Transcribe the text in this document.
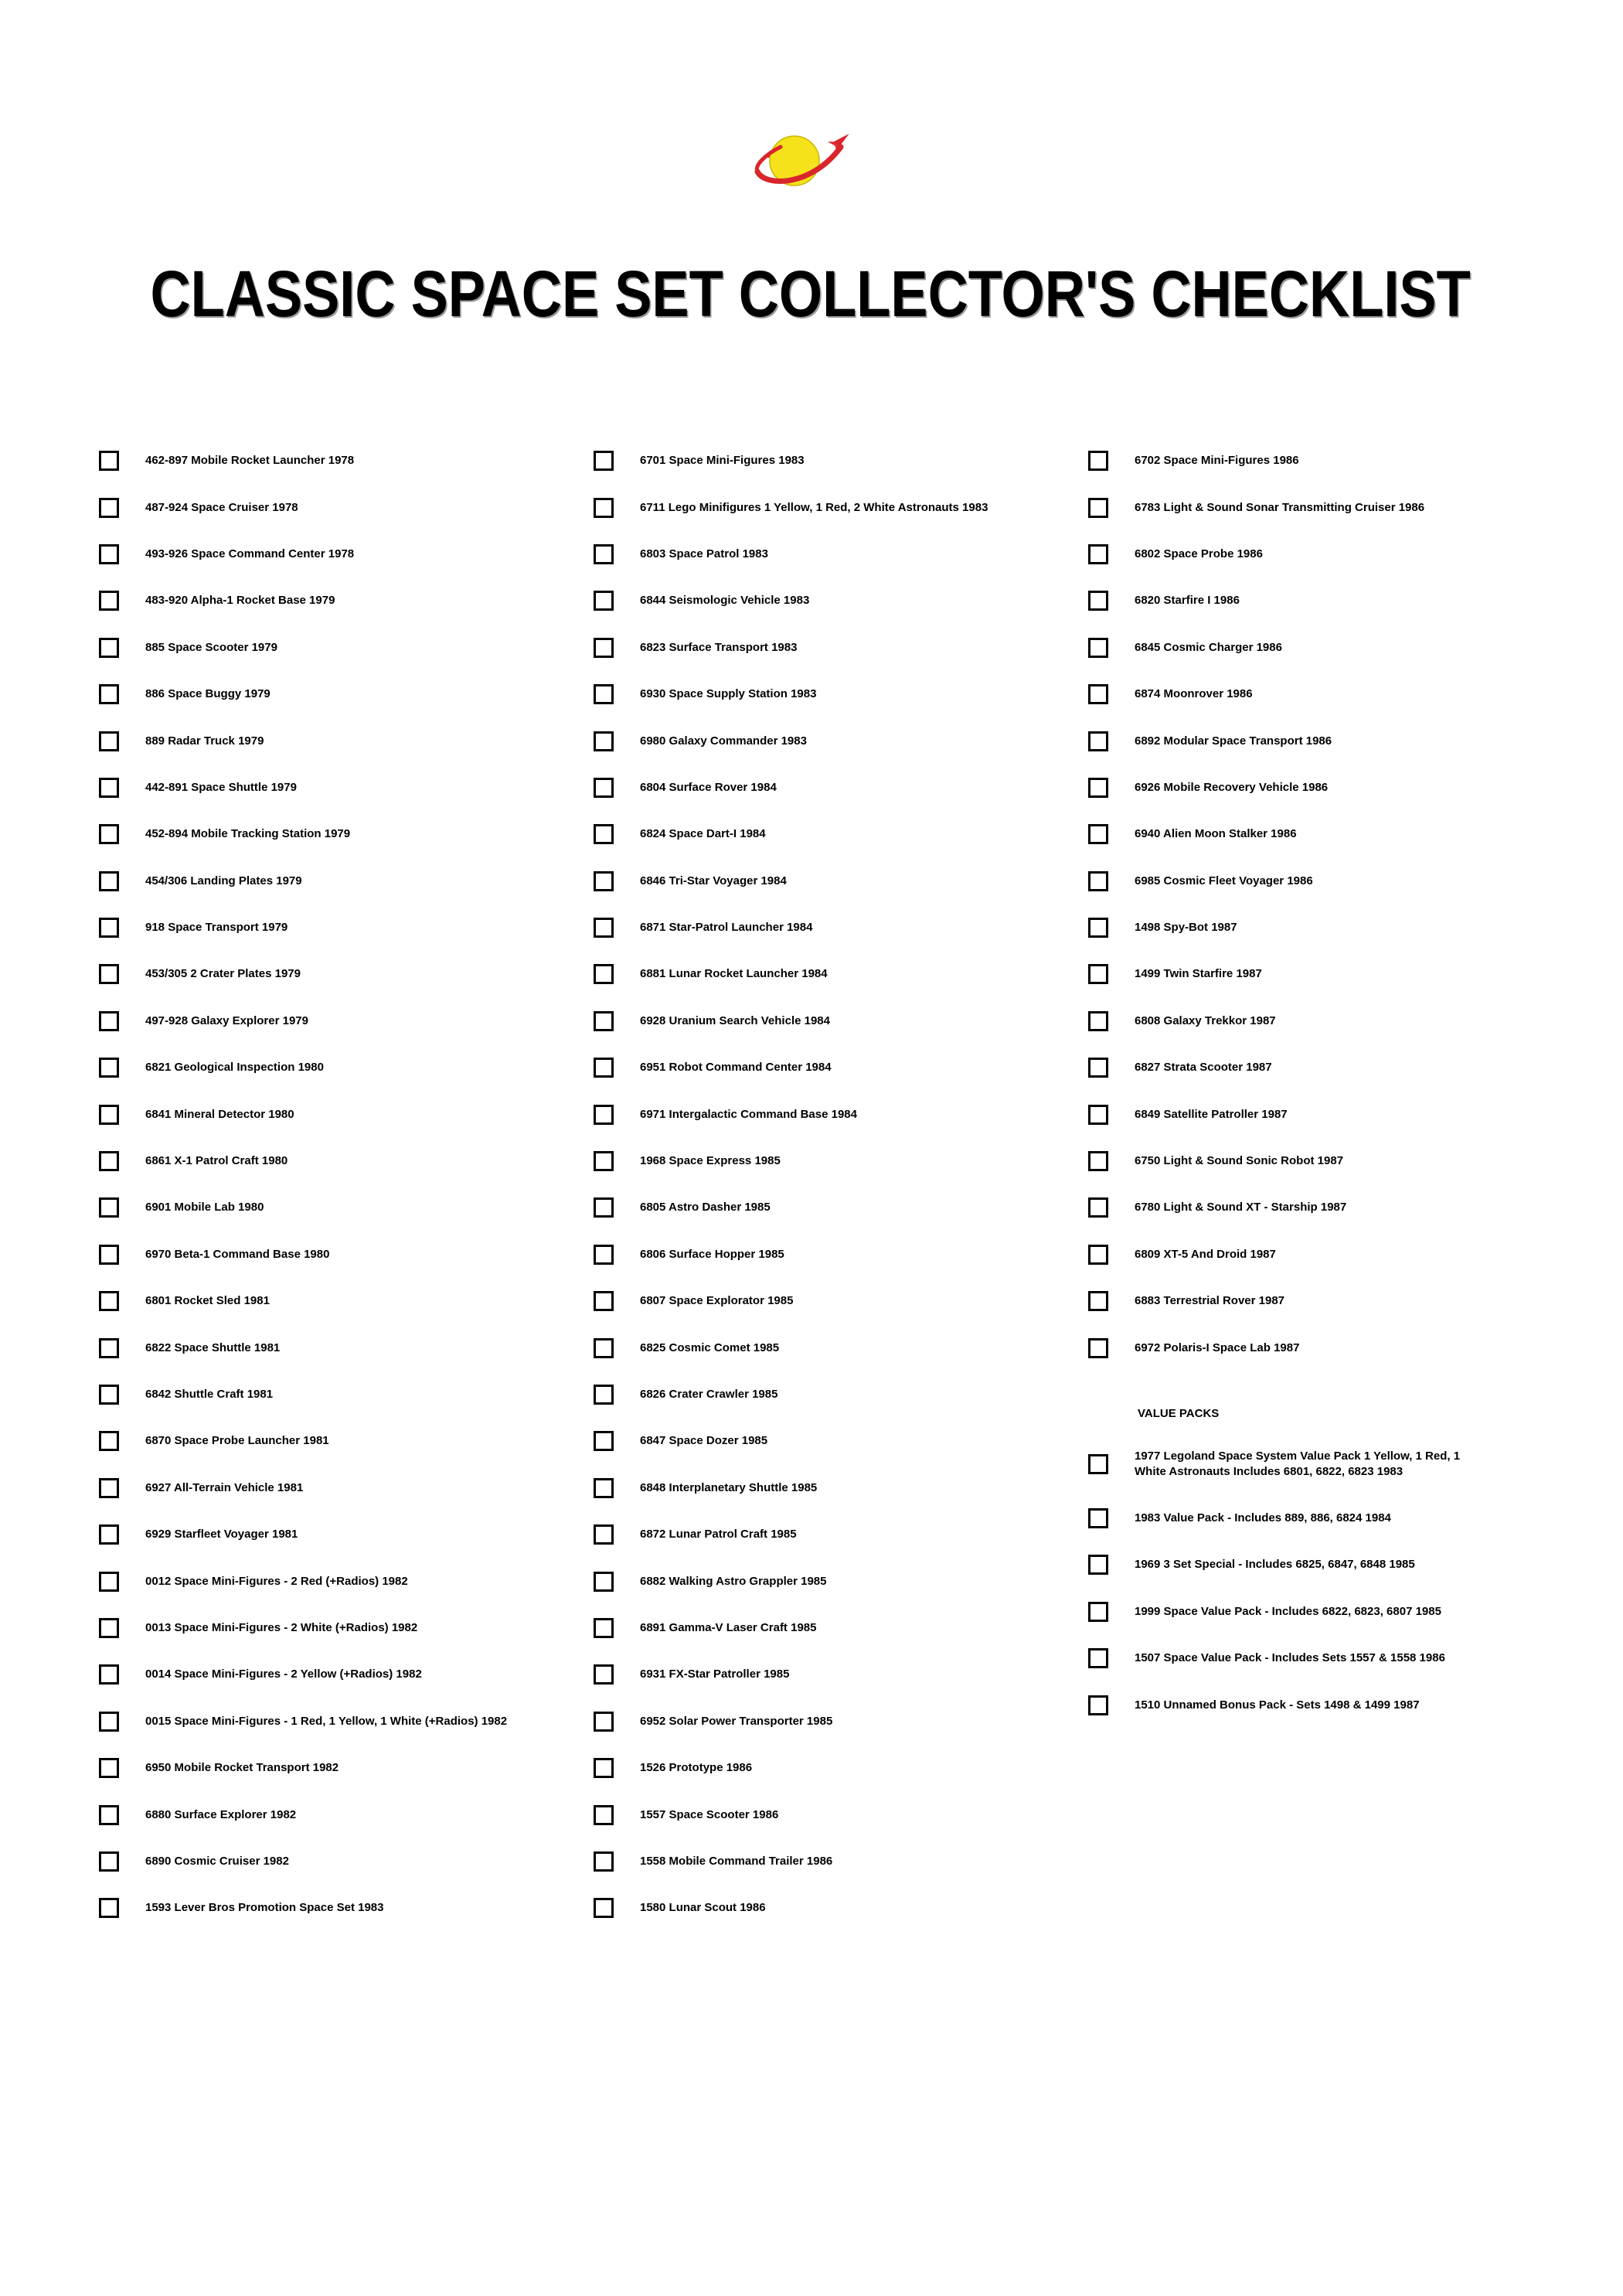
CLASSIC SPACE SET COLLECTOR'S CHECKLIST
462-897 Mobile Rocket Launcher 1978
487-924 Space Cruiser 1978
493-926 Space Command Center 1978
483-920 Alpha-1 Rocket Base 1979
885 Space Scooter 1979
886 Space Buggy 1979
889 Radar Truck 1979
442-891 Space Shuttle 1979
452-894 Mobile Tracking Station 1979
454/306 Landing Plates 1979
918 Space Transport 1979
453/305 2 Crater Plates 1979
497-928 Galaxy Explorer 1979
6821 Geological Inspection 1980
6841 Mineral Detector 1980
6861 X-1 Patrol Craft 1980
6901 Mobile Lab 1980
6970 Beta-1 Command Base 1980
6801 Rocket Sled 1981
6822 Space Shuttle 1981
6842 Shuttle Craft 1981
6870 Space Probe Launcher 1981
6927 All-Terrain Vehicle 1981
6929 Starfleet Voyager 1981
0012 Space Mini-Figures - 2 Red (+Radios) 1982
0013 Space Mini-Figures - 2 White (+Radios) 1982
0014 Space Mini-Figures - 2 Yellow (+Radios) 1982
0015 Space Mini-Figures - 1 Red, 1 Yellow, 1 White (+Radios) 1982
6950 Mobile Rocket Transport 1982
6880 Surface Explorer 1982
6890 Cosmic Cruiser 1982
1593 Lever Bros Promotion Space Set 1983
6701 Space Mini-Figures 1983
6711 Lego Minifigures 1 Yellow, 1 Red, 2 White Astronauts 1983
6803 Space Patrol 1983
6844 Seismologic Vehicle 1983
6823 Surface Transport 1983
6930 Space Supply Station 1983
6980 Galaxy Commander 1983
6804 Surface Rover 1984
6824 Space Dart-I 1984
6846 Tri-Star Voyager 1984
6871 Star-Patrol Launcher 1984
6881 Lunar Rocket Launcher 1984
6928 Uranium Search Vehicle 1984
6951 Robot Command Center 1984
6971 Intergalactic Command Base 1984
1968 Space Express 1985
6805 Astro Dasher 1985
6806 Surface Hopper 1985
6807 Space Explorator 1985
6825 Cosmic Comet 1985
6826 Crater Crawler 1985
6847 Space Dozer 1985
6848 Interplanetary Shuttle 1985
6872 Lunar Patrol Craft 1985
6882 Walking Astro Grappler 1985
6891 Gamma-V Laser Craft 1985
6931 FX-Star Patroller 1985
6952 Solar Power Transporter 1985
1526 Prototype 1986
1557 Space Scooter 1986
1558 Mobile Command Trailer 1986
1580 Lunar Scout 1986
6702 Space Mini-Figures 1986
6783 Light & Sound Sonar Transmitting Cruiser 1986
6802 Space Probe 1986
6820 Starfire I 1986
6845 Cosmic Charger 1986
6874 Moonrover 1986
6892 Modular Space Transport 1986
6926 Mobile Recovery Vehicle 1986
6940 Alien Moon Stalker 1986
6985 Cosmic Fleet Voyager 1986
1498 Spy-Bot 1987
1499 Twin Starfire 1987
6808 Galaxy Trekkor 1987
6827 Strata Scooter 1987
6849 Satellite Patroller 1987
6750 Light & Sound Sonic Robot 1987
6780 Light & Sound XT - Starship 1987
6809 XT-5 And Droid 1987
6883 Terrestrial Rover 1987
6972 Polaris-I Space Lab 1987
VALUE PACKS
1977 Legoland Space System Value Pack 1 Yellow, 1 Red, 1 White Astronauts Includes 6801, 6822, 6823 1983
1983 Value Pack - Includes 889, 886, 6824 1984
1969 3 Set Special - Includes 6825, 6847, 6848 1985
1999 Space Value Pack - Includes 6822, 6823, 6807 1985
1507 Space Value Pack - Includes Sets 1557 & 1558 1986
1510 Unnamed Bonus Pack - Sets 1498 & 1499 1987
